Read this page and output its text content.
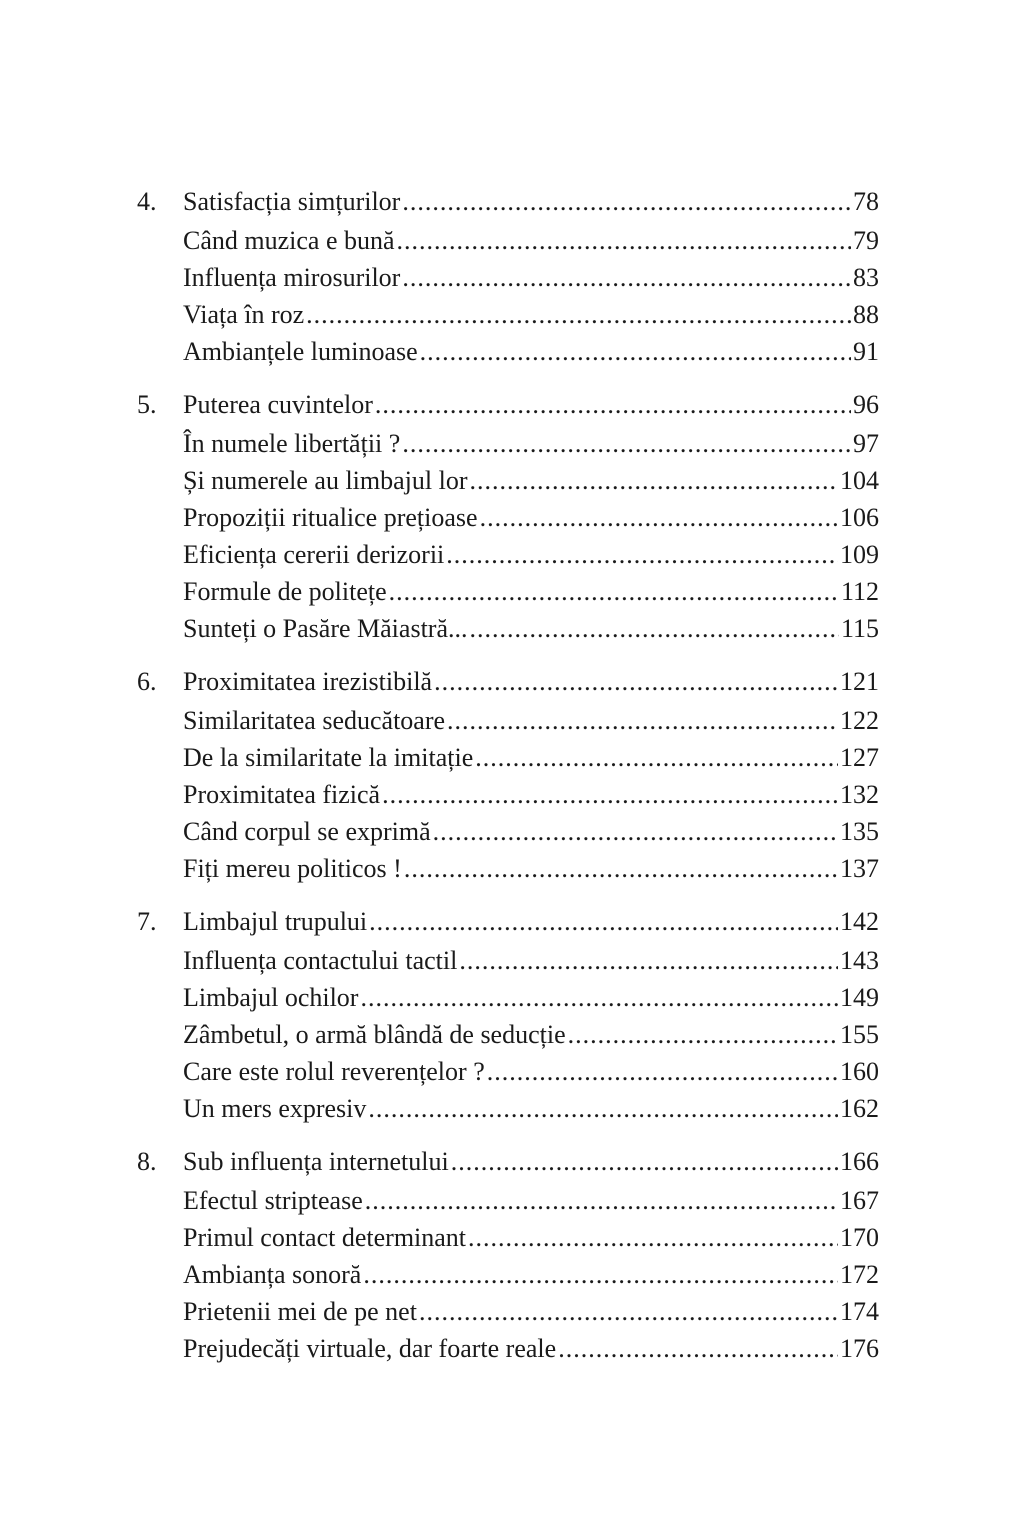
4.	Satisfacția simțurilor .....	78
Când muzica e bună .....	79
Influența mirosurilor .....	83
Viața în roz .....	88
Ambianțele luminoase .....	91
5.	Puterea cuvintelor .....	96
În numele libertății ? .....	97
Și numerele au limbajul lor .....	104
Propoziții ritualice prețioase .....	106
Eficiența cererii derizorii .....	109
Formule de politețe .....	112
Sunteți o Pasăre Măiastră... .....	115
6.	Proximitatea irezistibilă .....	121
Similaritatea seducătoare .....	122
De la similaritate la imitație .....	127
Proximitatea fizică .....	132
Când corpul se exprimă .....	135
Fiți mereu politicos ! .....	137
7.	Limbajul trupului .....	142
Influența contactului tactil .....	143
Limbajul ochilor .....	149
Zâmbetul, o armă blândă de seducție .....	155
Care este rolul reverențelor ? .....	160
Un mers expresiv .....	162
8.	Sub influența internetului .....	166
Efectul striptease .....	167
Primul contact determinant .....	170
Ambianța sonoră .....	172
Prietenii mei de pe net .....	174
Prejudecăți virtuale, dar foarte reale .....	176
